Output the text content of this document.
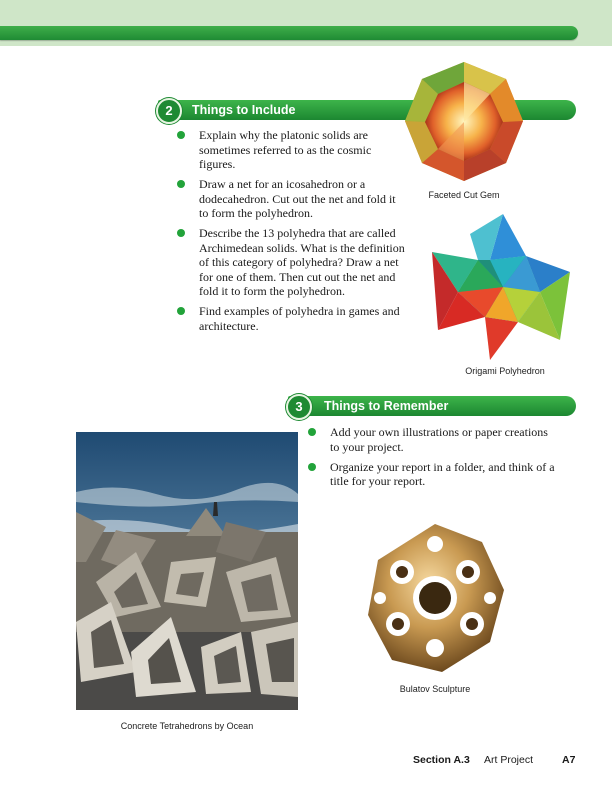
2	Things to Include
Explain why the platonic solids are sometimes referred to as the cosmic figures.
Draw a net for an icosahedron or a dodecahedron. Cut out the net and fold it to form the polyhedron.
Describe the 13 polyhedra that are called Archimedean solids. What is the definition of this category of polyhedra? Draw a net for one of them. Then cut out the net and fold it to form the polyhedron.
Find examples of polyhedra in games and architecture.
Faceted Cut Gem
Origami Polyhedron
3	Things to Remember
Add your own illustrations or paper creations to your project.
Organize your report in a folder, and think of a title for your report.
Concrete Tetrahedrons by Ocean
Bulatov Sculpture
Section A.3 Art Project	A7
